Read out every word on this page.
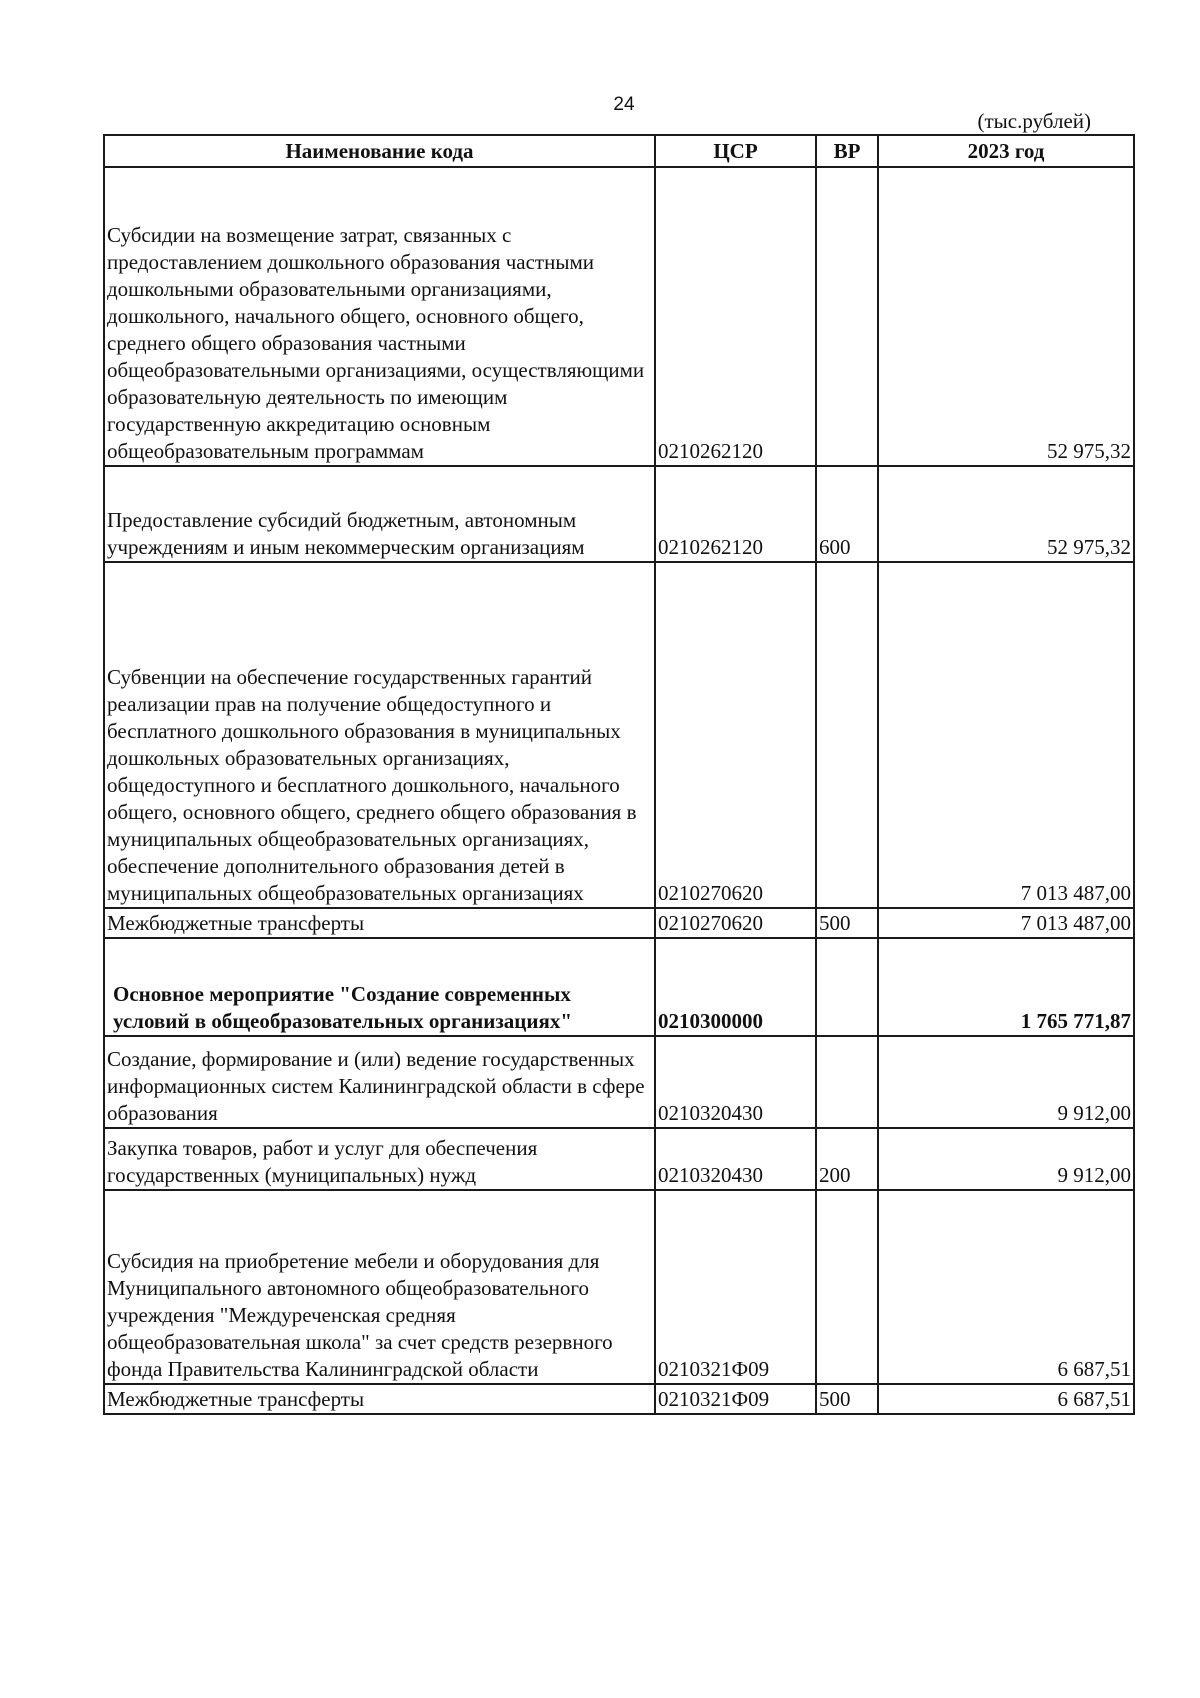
24
(тыс.рублей)
Наименование кода	ЦСР	ВР	2023 год

Субсидии на возмещение затрат, связанных с предоставлением дошкольного образования частными дошкольными образовательными организациями, дошкольного, начального общего, основного общего, среднего общего образования частными общеобразовательными организациями, осуществляющими образовательную деятельность по имеющим государственную аккредитацию основным общеобразовательным программам	0210262120		52 975,32

Предоставление субсидий бюджетным, автономным учреждениям и иным некоммерческим организациям	0210262120	600	52 975,32

Субвенции на обеспечение государственных гарантий реализации прав на получение общедоступного и бесплатного дошкольного образования в муниципальных дошкольных образовательных организациях, общедоступного и бесплатного дошкольного, начального общего, основного общего, среднего общего образования в муниципальных общеобразовательных организациях, обеспечение дополнительного образования детей в муниципальных общеобразовательных организациях	0210270620		7 013 487,00

Межбюджетные трансферты	0210270620	500	7 013 487,00

Основное мероприятие "Создание современных условий в общеобразовательных организациях"	0210300000		1 765 771,87

Создание, формирование и (или) ведение государственных информационных систем Калининградской области в сфере образования	0210320430		9 912,00

Закупка товаров, работ и услуг для обеспечения государственных (муниципальных) нужд	0210320430	200	9 912,00

Субсидия на приобретение мебели и оборудования для Муниципального автономного общеобразовательного учреждения "Междуреченская средняя общеобразовательная школа" за счет средств резервного фонда Правительства Калининградской области	0210321Ф09		6 687,51

Межбюджетные трансферты	0210321Ф09	500	6 687,51
